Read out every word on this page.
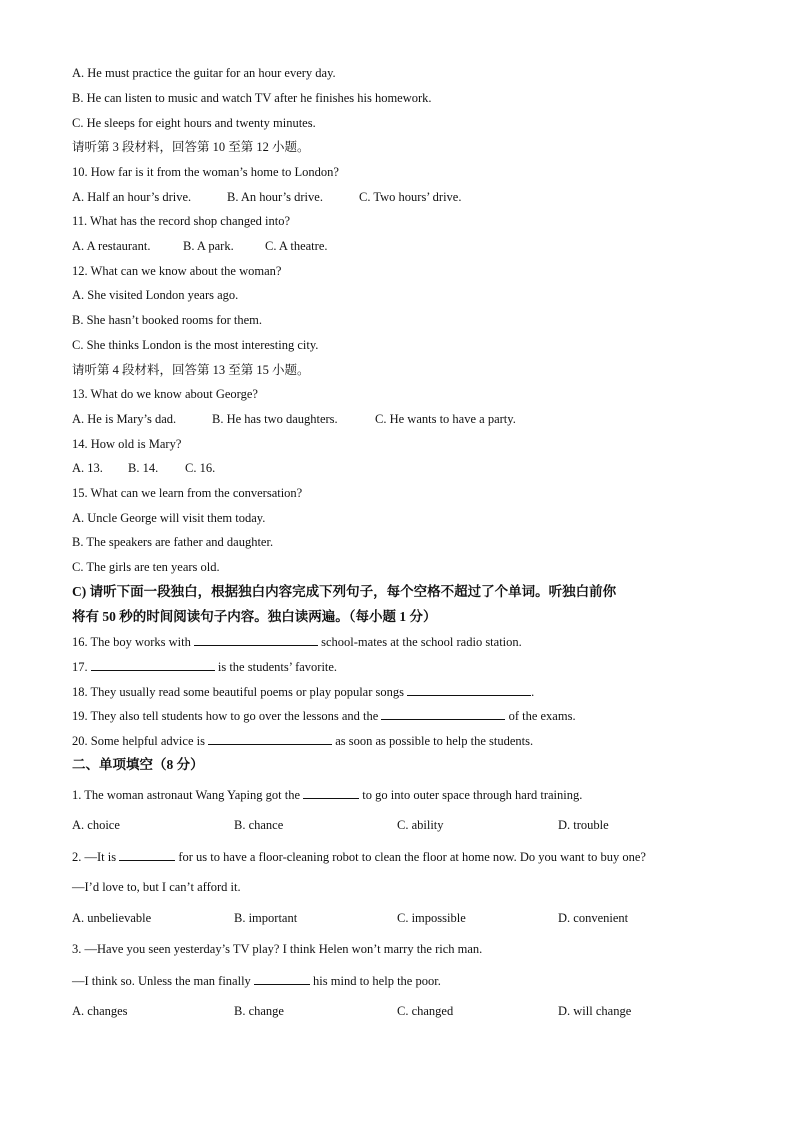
A. He must practice the guitar for an hour every day.
B. He can listen to music and watch TV after he finishes his homework.
C. He sleeps for eight hours and twenty minutes.
请听第 3 段材料，回答第 10 至第 12 小题。
10. How far is it from the woman’s home to London?
A. Half an hour’s drive.	B. An hour’s drive.	C. Two hours’ drive.
11. What has the record shop changed into?
A. A restaurant.	B. A park.	C. A theatre.
12. What can we know about the woman?
A. She visited London years ago.
B. She hasn’t booked rooms for them.
C. She thinks London is the most interesting city.
请听第 4 段材料，回答第 13 至第 15 小题。
13. What do we know about George?
A. He is Mary’s dad.	B. He has two daughters.	C. He wants to have a party.
14. How old is Mary?
A. 13. B. 14. C. 16.
15. What can we learn from the conversation?
A. Uncle George will visit them today.
B. The speakers are father and daughter.
C. The girls are ten years old.
C) 请听下面一段独白，根据独白内容完成下列句子，每个空格不超过了个单词。听独白前你
将有 50 秒的时间阅读句子内容。独白读两遍。（每小题 1 分）
16. The boy works with	school-mates at the school radio station.
17.	is the students’ favorite.
18. They usually read some beautiful poems or play popular songs	.
19. They also tell students how to go over the lessons and the	of the exams.
20. Some helpful advice is	as soon as possible to help the students.
二、单项填空（8 分）
1. The woman astronaut Wang Yaping got the	to go into outer space through hard training.
A. choice	B. chance	C. ability	D. trouble
2. —It is	for us to have a floor-cleaning robot to clean the floor at home now. Do you want to buy one?
—I’d love to, but I can’t afford it.
A. unbelievable	B. important	C. impossible	D. convenient
3. —Have you seen yesterday’s TV play? I think Helen won’t marry the rich man.
—I think so. Unless the man finally	his mind to help the poor.
A. changes	B. change	C. changed	D. will change
